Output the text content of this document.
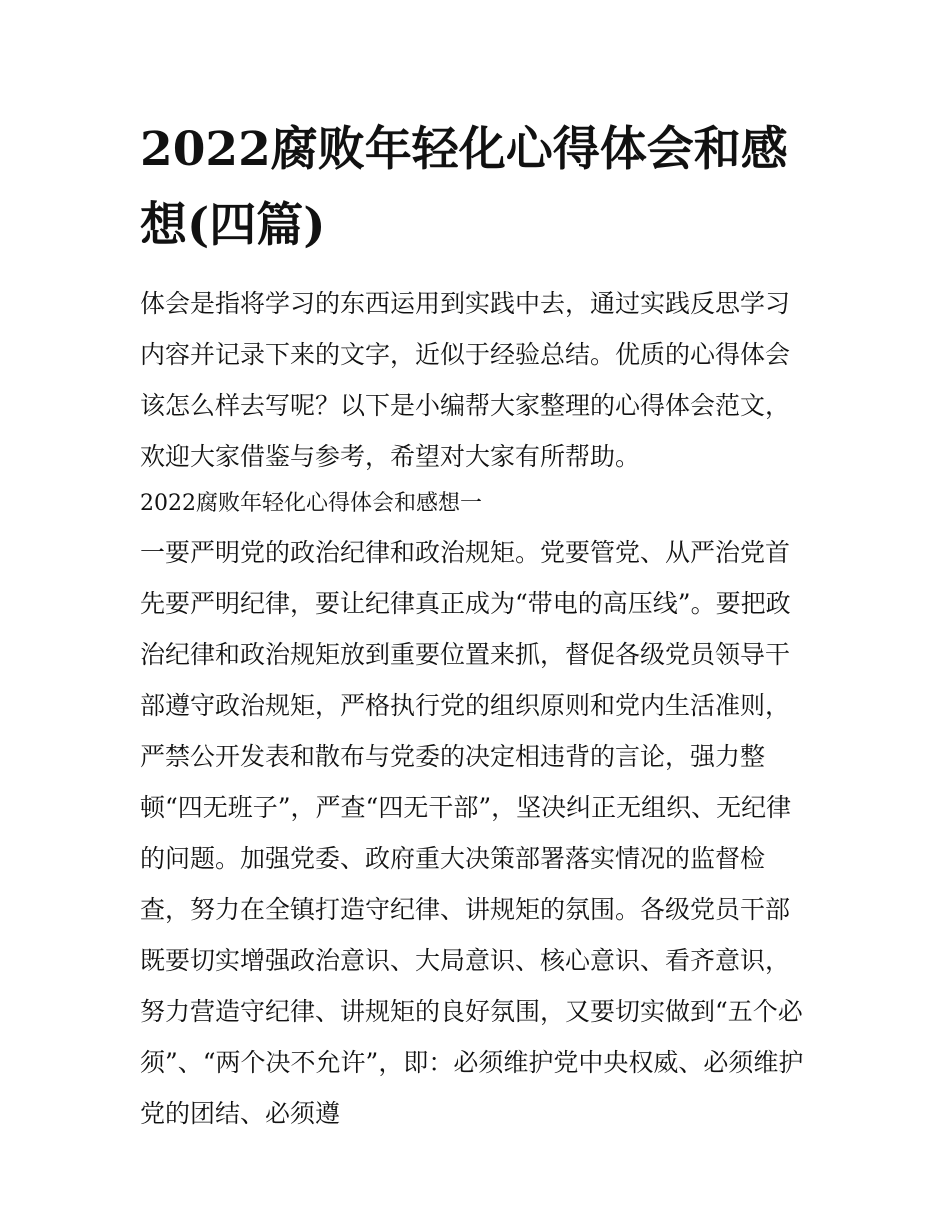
2022腐败年轻化心得体会和感想(四篇)

体会是指将学习的东西运用到实践中去，通过实践反思学习内容并记录下来的文字，近似于经验总结。优质的心得体会该怎么样去写呢？以下是小编帮大家整理的心得体会范文，欢迎大家借鉴与参考，希望对大家有所帮助。

2022腐败年轻化心得体会和感想一

一要严明党的政治纪律和政治规矩。党要管党、从严治党首先要严明纪律，要让纪律真正成为“带电的高压线”。要把政治纪律和政治规矩放到重要位置来抓，督促各级党员领导干部遵守政治规矩，严格执行党的组织原则和党内生活准则，严禁公开发表和散布与党委的决定相违背的言论，强力整顿“四无班子”，严查“四无干部”，坚决纠正无组织、无纪律的问题。加强党委、政府重大决策部署落实情况的监督检查，努力在全镇打造守纪律、讲规矩的氛围。各级党员干部既要切实增强政治意识、大局意识、核心意识、看齐意识，努力营造守纪律、讲规矩的良好氛围，又要切实做到“五个必须”、“两个决不允许”，即：必须维护党中央权威、必须维护党的团结、必须遵
